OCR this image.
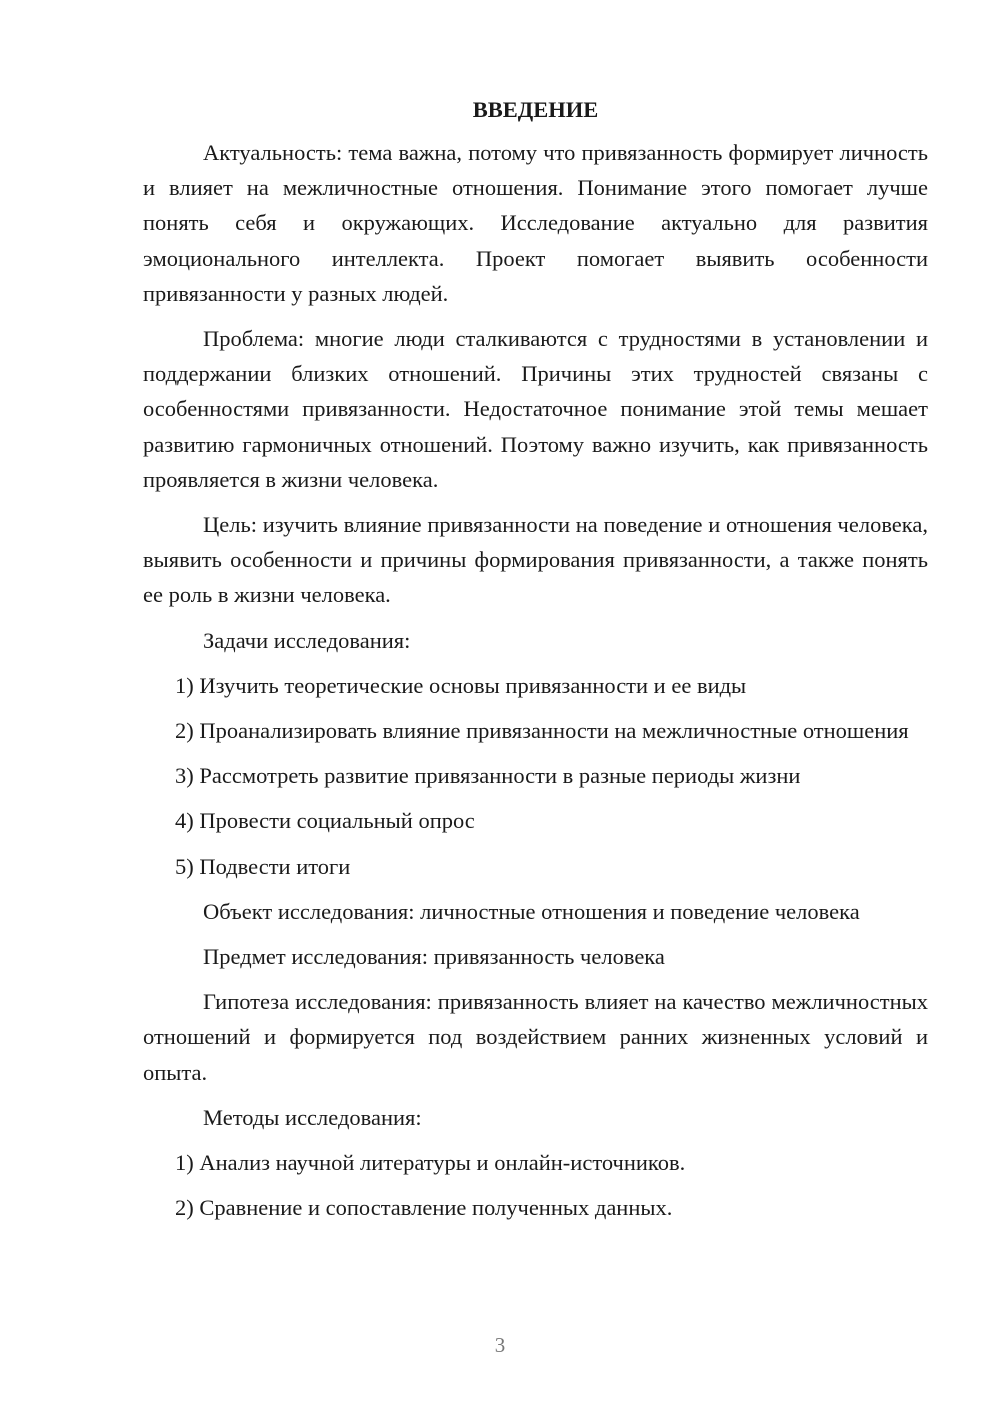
ВВЕДЕНИЕ

Актуальность: тема важна, потому что привязанность формирует личность и влияет на межличностные отношения. Понимание этого помогает лучше понять себя и окружающих. Исследование актуально для развития эмоционального интеллекта. Проект помогает выявить особенности привязанности у разных людей.

Проблема: многие люди сталкиваются с трудностями в установлении и поддержании близких отношений. Причины этих трудностей связаны с особенностями привязанности. Недостаточное понимание этой темы мешает развитию гармоничных отношений. Поэтому важно изучить, как привязанность проявляется в жизни человека.

Цель: изучить влияние привязанности на поведение и отношения человека, выявить особенности и причины формирования привязанности, а также понять ее роль в жизни человека.

Задачи исследования:

1) Изучить теоретические основы привязанности и ее виды

2) Проанализировать влияние привязанности на межличностные отношения

3) Рассмотреть развитие привязанности в разные периоды жизни

4) Провести социальный опрос

5) Подвести итоги

Объект исследования: личностные отношения и поведение человека

Предмет исследования: привязанность человека

Гипотеза исследования: привязанность влияет на качество межличностных отношений и формируется под воздействием ранних жизненных условий и опыта.

Методы исследования:

1) Анализ научной литературы и онлайн-источников.

2) Сравнение и сопоставление полученных данных.

3
